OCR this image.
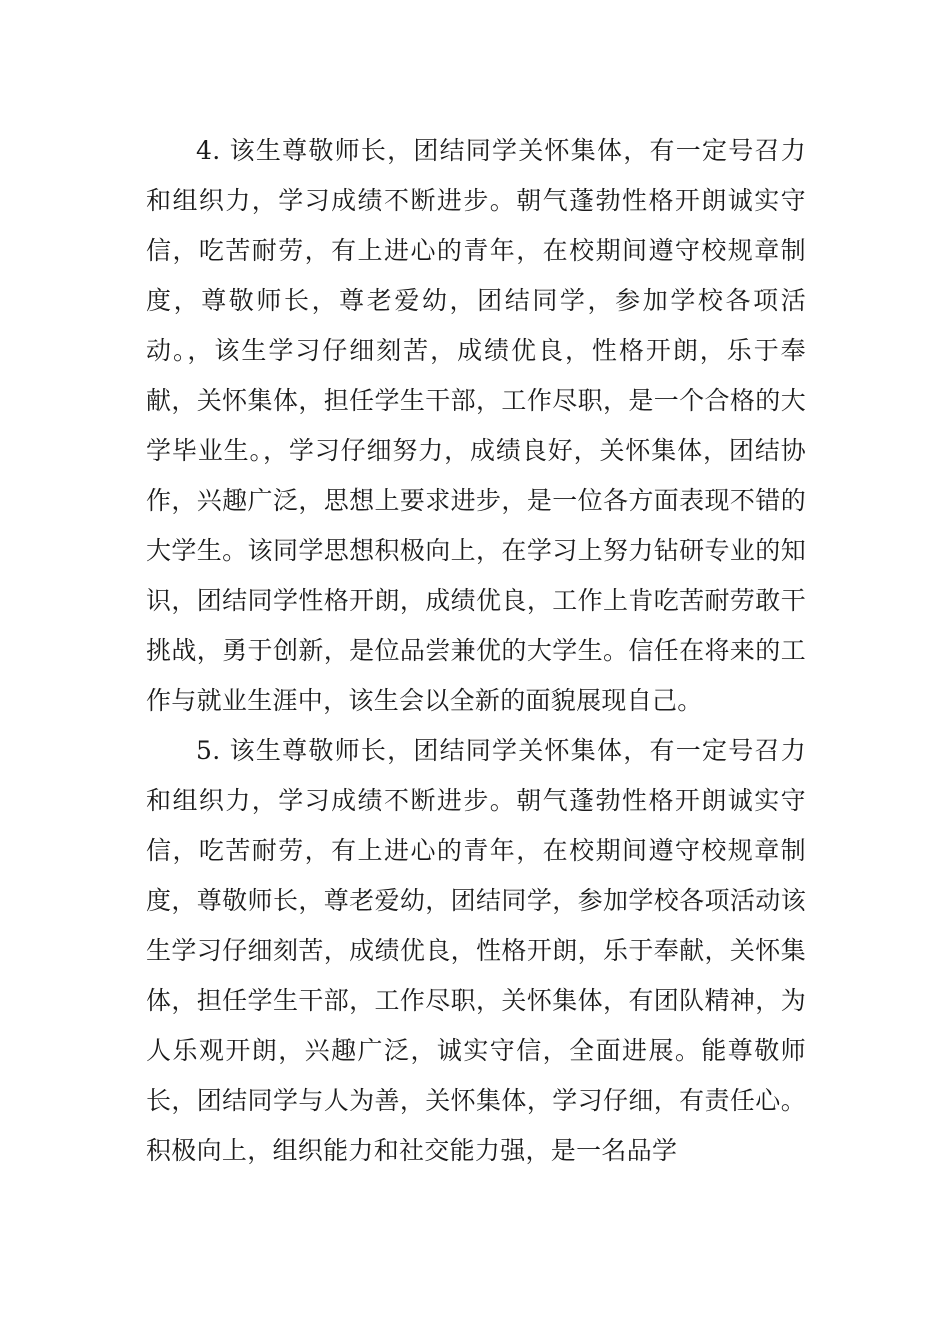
4. 该生尊敬师长，团结同学关怀集体，有一定号召力和组织力，学习成绩不断进步。朝气蓬勃性格开朗诚实守信，吃苦耐劳，有上进心的青年，在校期间遵守校规章制度，尊敬师长，尊老爱幼，团结同学，参加学校各项活动。，该生学习仔细刻苦，成绩优良，性格开朗，乐于奉献，关怀集体，担任学生干部，工作尽职，是一个合格的大学毕业生。，学习仔细努力，成绩良好，关怀集体，团结协作，兴趣广泛，思想上要求进步，是一位各方面表现不错的大学生。该同学思想积极向上，在学习上努力钻研专业的知识，团结同学性格开朗，成绩优良，工作上肯吃苦耐劳敢干挑战，勇于创新，是位品尝兼优的大学生。信任在将来的工作与就业生涯中，该生会以全新的面貌展现自己。

5. 该生尊敬师长，团结同学关怀集体，有一定号召力和组织力，学习成绩不断进步。朝气蓬勃性格开朗诚实守信，吃苦耐劳，有上进心的青年，在校期间遵守校规章制度，尊敬师长，尊老爱幼，团结同学，参加学校各项活动该生学习仔细刻苦，成绩优良，性格开朗，乐于奉献，关怀集体，担任学生干部，工作尽职，关怀集体，有团队精神，为人乐观开朗，兴趣广泛，诚实守信，全面进展。能尊敬师长，团结同学与人为善，关怀集体，学习仔细，有责任心。积极向上，组织能力和社交能力强，是一名品学
